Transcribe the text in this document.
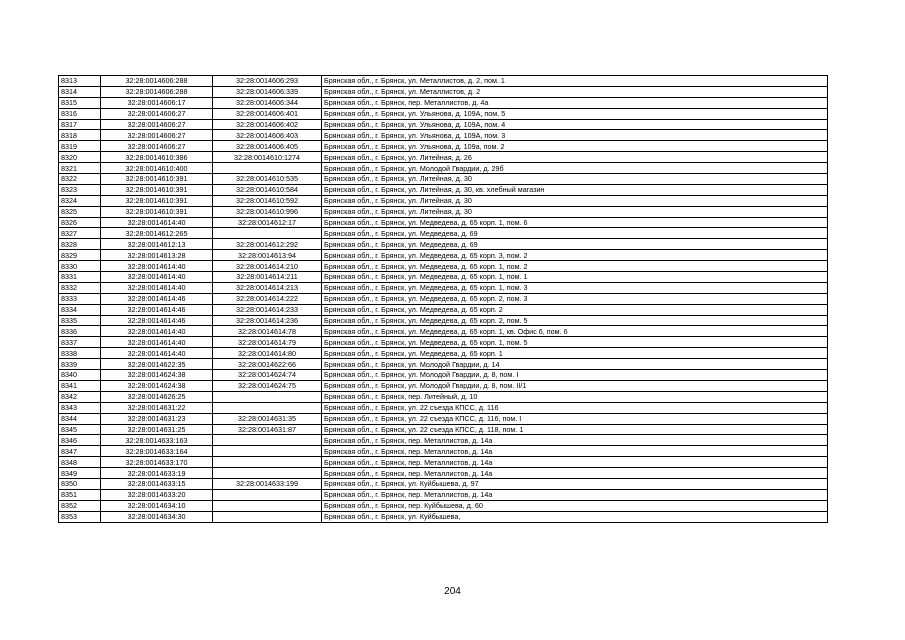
8313	32:28:0014606:288	32:28:0014606:293	Брянская обл., г. Брянск, ул. Металлистов, д. 2, пом. 1
8314	32:28:0014606:288	32:28:0014606:339	Брянская обл., г. Брянск, ул. Металлистов, д. 2
8315	32:28:0014606:17	32:28:0014606:344	Брянская обл., г. Брянск, пер. Металлистов, д. 4а
8316	32:28:0014606:27	32:28:0014606:401	Брянская обл., г. Брянск, ул. Ульянова, д. 109А, пом. 5
8317	32:28:0014606:27	32:28:0014606:402	Брянская обл., г. Брянск, ул. Ульянова, д. 109А, пом. 4
8318	32:28:0014606:27	32:28:0014606:403	Брянская обл., г. Брянск, ул. Ульянова, д. 109А, пом. 3
8319	32:28:0014606:27	32:28:0014606:405	Брянская обл., г. Брянск, ул. Ульянова, д. 109а, пом. 2
8320	32:28:0014610:386	32:28:0014610:1274	Брянская обл., г. Брянск, ул. Литейная, д. 26
8321	32:28:0014610:400		Брянская обл., г. Брянск, ул. Молодой Гвардии, д. 29б
8322	32:28:0014610:391	32:28:0014610:535	Брянская обл., г. Брянск, ул. Литейная, д. 30
8323	32:28:0014610:391	32:28:0014610:584	Брянская обл., г. Брянск, ул. Литейная, д. 30, кв. хлебный магазин
8324	32:28:0014610:391	32:28:0014610:592	Брянская обл., г. Брянск, ул. Литейная, д. 30
8325	32:28:0014610:391	32:28:0014610:996	Брянская обл., г. Брянск, ул. Литейная, д. 30
8326	32:28:0014614:40	32:28:0014612:17	Брянская обл., г. Брянск, ул. Медведева, д. 65 корп. 1, пом. 6
8327	32:28:0014612:265		Брянская обл., г. Брянск, ул. Медведева, д. 69
8328	32:28:0014612:13	32:28:0014612:292	Брянская обл., г. Брянск, ул. Медведева, д. 69
8329	32:28:0014613:28	32:28:0014613:94	Брянская обл., г. Брянск, ул. Медведева, д. 65 корп. 3, пом. 2
8330	32:28:0014614:40	32:28:0014614:210	Брянская обл., г. Брянск, ул. Медведева, д. 65 корп. 1, пом. 2
8331	32:28:0014614:40	32:28:0014614:211	Брянская обл., г. Брянск, ул. Медведева, д. 65 корп. 1, пом. 1
8332	32:28:0014614:40	32:28:0014614:213	Брянская обл., г. Брянск, ул. Медведева, д. 65 корп. 1, пом. 3
8333	32:28:0014614:46	32:28:0014614:222	Брянская обл., г. Брянск, ул. Медведева, д. 65 корп. 2, пом. 3
8334	32:28:0014614:46	32:28:0014614:233	Брянская обл., г. Брянск, ул. Медведева, д. 65 корп. 2
8335	32:28:0014614:46	32:28:0014614:236	Брянская обл., г. Брянск, ул. Медведева, д. 65 корп. 2, пом. 5
8336	32:28:0014614:40	32:28:0014614:78	Брянская обл., г. Брянск, ул. Медведева, д. 65 корп. 1, кв. Офис 6, пом. 6
8337	32:28:0014614:40	32:28:0014614:79	Брянская обл., г. Брянск, ул. Медведева, д. 65 корп. 1, пом. 5
8338	32:28:0014614:40	32:28:0014614:80	Брянская обл., г. Брянск, ул. Медведева, д. 65 корп. 1
8339	32:28:0014622:35	32:28:0014622:66	Брянская обл., г. Брянск, ул. Молодой Гвардии, д. 14
8340	32:28:0014624:38	32:28:0014624:74	Брянская обл., г. Брянск, ул. Молодой Гвардии, д. 8, пом. I
8341	32:28:0014624:38	32:28:0014624:75	Брянская обл., г. Брянск, ул. Молодой Гвардии, д. 8, пом. II/1
8342	32:28:0014626:25		Брянская обл., г. Брянск, пер. Литейный, д. 10
8343	32:28:0014631:22		Брянская обл., г. Брянск, ул. 22 съезда КПСС, д. 116
8344	32:28:0014631:23	32:28:0014631:35	Брянская обл., г. Брянск, ул. 22 съезда КПСС, д. 116, пом. I
8345	32:28:0014631:25	32:28:0014631:87	Брянская обл., г. Брянск, ул. 22 съезда КПСС, д. 118, пом. 1
8346	32:28:0014633:163		Брянская обл., г. Брянск, пер. Металлистов, д. 14а
8347	32:28:0014633:164		Брянская обл., г. Брянск, пер. Металлистов, д. 14а
8348	32:28:0014633:170		Брянская обл., г. Брянск, пер. Металлистов, д. 14а
8349	32:28:0014633:19		Брянская обл., г. Брянск, пер. Металлистов, д. 14а
8350	32:28:0014633:15	32:28:0014633:199	Брянская обл., г. Брянск, ул. Куйбышева, д. 97
8351	32:28:0014633:20		Брянская обл., г. Брянск, пер. Металлистов, д. 14а
8352	32:28:0014634:10		Брянская обл., г. Брянск, пер. Куйбышева, д. 60
8353	32:28:0014634:30		Брянская обл., г. Брянск, ул. Куйбышева,
204
